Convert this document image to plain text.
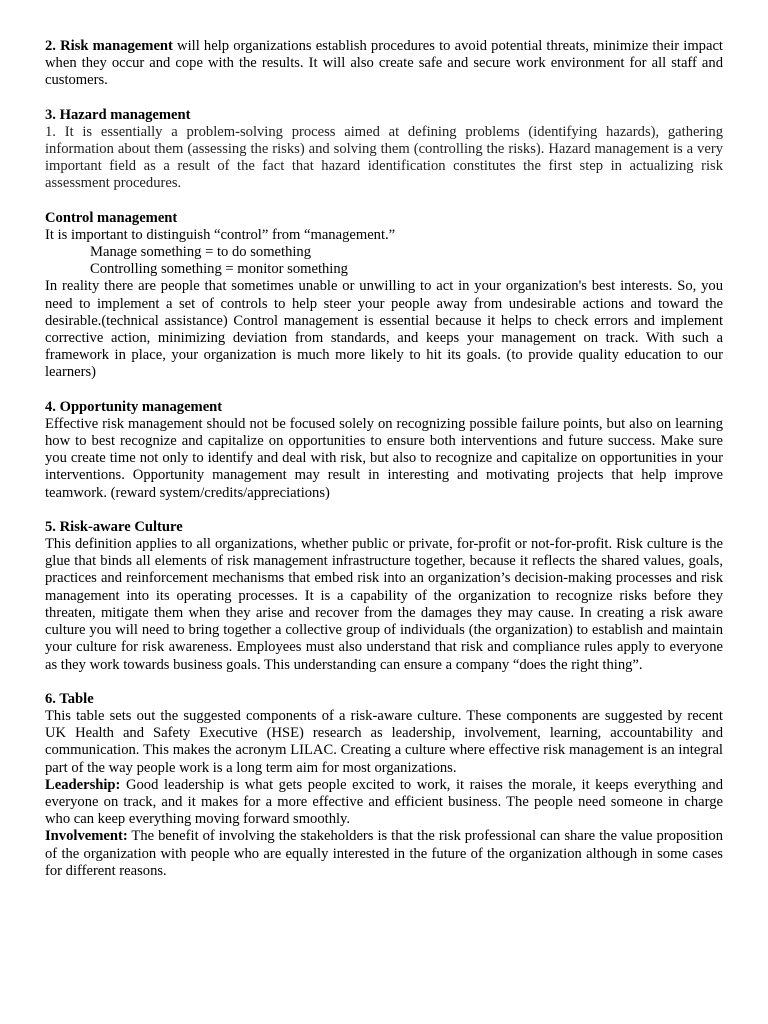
2. Risk management will help organizations establish procedures to avoid potential threats, minimize their impact when they occur and cope with the results. It will also create safe and secure work environment for all staff and customers.

3. Hazard management

1. It is essentially a problem-solving process aimed at defining problems (identifying hazards), gathering information about them (assessing the risks) and solving them (controlling the risks). Hazard management is a very important field as a result of the fact that hazard identification constitutes the first step in actualizing risk assessment procedures.

Control management

It is important to distinguish “control” from “management.”

Manage something = to do something

Controlling something = monitor something

In reality there are people that sometimes unable or unwilling to act in your organization's best interests. So, you need to implement a set of controls to help steer your people away from undesirable actions and toward the desirable.(technical assistance) Control management is essential because it helps to check errors and implement corrective action, minimizing deviation from standards, and keeps your management on track. With such a framework in place, your organization is much more likely to hit its goals. (to provide quality education to our learners)

4. Opportunity management

Effective risk management should not be focused solely on recognizing possible failure points, but also on learning how to best recognize and capitalize on opportunities to ensure both interventions and future success. Make sure you create time not only to identify and deal with risk, but also to recognize and capitalize on opportunities in your interventions. Opportunity management may result in interesting and motivating projects that help improve teamwork. (reward system/credits/appreciations)

5. Risk-aware Culture

This definition applies to all organizations, whether public or private, for-profit or not-for-profit. Risk culture is the glue that binds all elements of risk management infrastructure together, because it reflects the shared values, goals, practices and reinforcement mechanisms that embed risk into an organization’s decision-making processes and risk management into its operating processes. It is a capability of the organization to recognize risks before they threaten, mitigate them when they arise and recover from the damages they may cause. In creating a risk aware culture you will need to bring together a collective group of individuals (the organization) to establish and maintain your culture for risk awareness. Employees must also understand that risk and compliance rules apply to everyone as they work towards business goals. This understanding can ensure a company “does the right thing”.

6. Table

This table sets out the suggested components of a risk-aware culture. These components are suggested by recent UK Health and Safety Executive (HSE) research as leadership, involvement, learning, accountability and communication. This makes the acronym LILAC. Creating a culture where effective risk management is an integral part of the way people work is a long term aim for most organizations.

Leadership: Good leadership is what gets people excited to work, it raises the morale, it keeps everything and everyone on track, and it makes for a more effective and efficient business. The people need someone in charge who can keep everything moving forward smoothly.

Involvement: The benefit of involving the stakeholders is that the risk professional can share the value proposition of the organization with people who are equally interested in the future of the organization although in some cases for different reasons.
